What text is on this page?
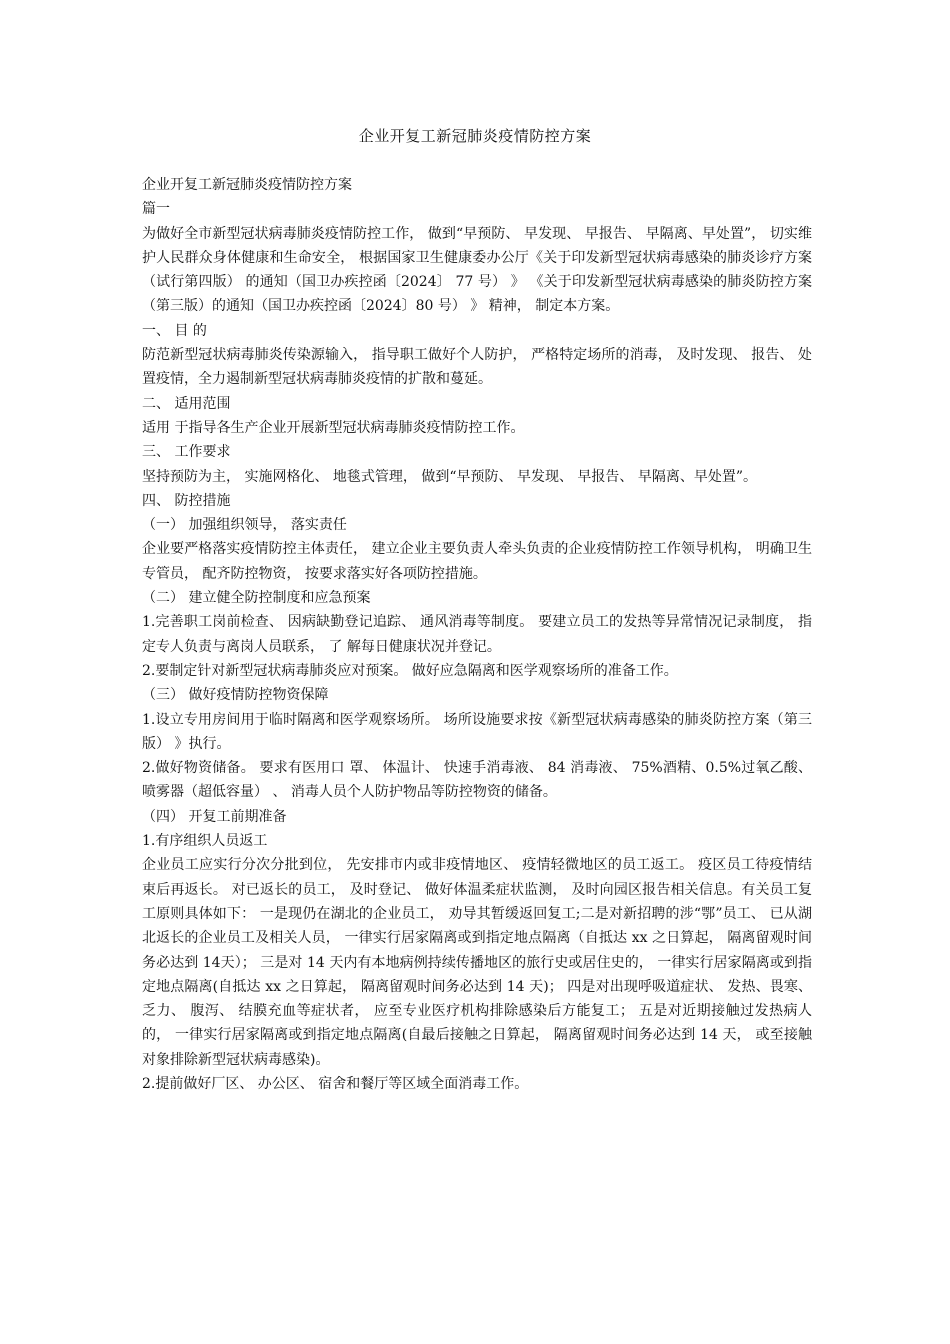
企业开复工新冠肺炎疫情防控方案

企业开复工新冠肺炎疫情防控方案

篇一

为做好全市新型冠状病毒肺炎疫情防控工作， 做到“早预防、 早发现、 早报告、 早隔离、早处置”， 切实维护人民群众身体健康和生命安全， 根据国家卫生健康委办公厅《关于印发新型冠状病毒感染的肺炎诊疗方案（试行第四版） 的通知（国卫办疾控函〔2024〕 77 号） 》 《关于印发新型冠状病毒感染的肺炎防控方案（第三版）的通知（国卫办疾控函〔2024〕80 号） 》 精神， 制定本方案。

一、 目 的

防范新型冠状病毒肺炎传染源输入， 指导职工做好个人防护， 严格特定场所的消毒， 及时发现、 报告、 处置疫情，全力遏制新型冠状病毒肺炎疫情的扩散和蔓延。

二、 适用范围

适用 于指导各生产企业开展新型冠状病毒肺炎疫情防控工作。

三、 工作要求

坚持预防为主， 实施网格化、 地毯式管理， 做到“早预防、 早发现、 早报告、 早隔离、早处置”。

四、 防控措施

（一） 加强组织领导， 落实责任

企业要严格落实疫情防控主体责任， 建立企业主要负责人牵头负责的企业疫情防控工作领导机构， 明确卫生专管员， 配齐防控物资， 按要求落实好各项防控措施。

（二） 建立健全防控制度和应急预案

1.完善职工岗前检查、 因病缺勤登记追踪、 通风消毒等制度。 要建立员工的发热等异常情况记录制度， 指定专人负责与离岗人员联系， 了 解每日健康状况并登记。

2.要制定针对新型冠状病毒肺炎应对预案。 做好应急隔离和医学观察场所的准备工作。

（三） 做好疫情防控物资保障

1.设立专用房间用于临时隔离和医学观察场所。 场所设施要求按《新型冠状病毒感染的肺炎防控方案（第三版） 》执行。

2.做好物资储备。 要求有医用口 罩、 体温计、 快速手消毒液、 84 消毒液、 75%酒精、0.5%过氧乙酸、 喷雾器（超低容量） 、 消毒人员个人防护物品等防控物资的储备。

（四） 开复工前期准备

1.有序组织人员返工

企业员工应实行分次分批到位， 先安排市内或非疫情地区、 疫情轻微地区的员工返工。 疫区员工待疫情结束后再返长。 对已返长的员工， 及时登记、 做好体温柔症状监测， 及时向园区报告相关信息。有关员工复工原则具体如下： 一是现仍在湖北的企业员工， 劝导其暂缓返回复工;二是对新招聘的涉“鄂”员工、 已从湖北返长的企业员工及相关人员， 一律实行居家隔离或到指定地点隔离（自抵达 xx 之日算起， 隔离留观时间务必达到 14天）； 三是对 14 天内有本地病例持续传播地区的旅行史或居住史的， 一律实行居家隔离或到指定地点隔离(自抵达 xx 之日算起， 隔离留观时间务必达到 14 天)； 四是对出现呼吸道症状、 发热、畏寒、 乏力、 腹泻、 结膜充血等症状者， 应至专业医疗机构排除感染后方能复工； 五是对近期接触过发热病人的， 一律实行居家隔离或到指定地点隔离(自最后接触之日算起， 隔离留观时间务必达到 14 天， 或至接触对象排除新型冠状病毒感染)。

2.提前做好厂区、 办公区、 宿舍和餐厅等区域全面消毒工作。
